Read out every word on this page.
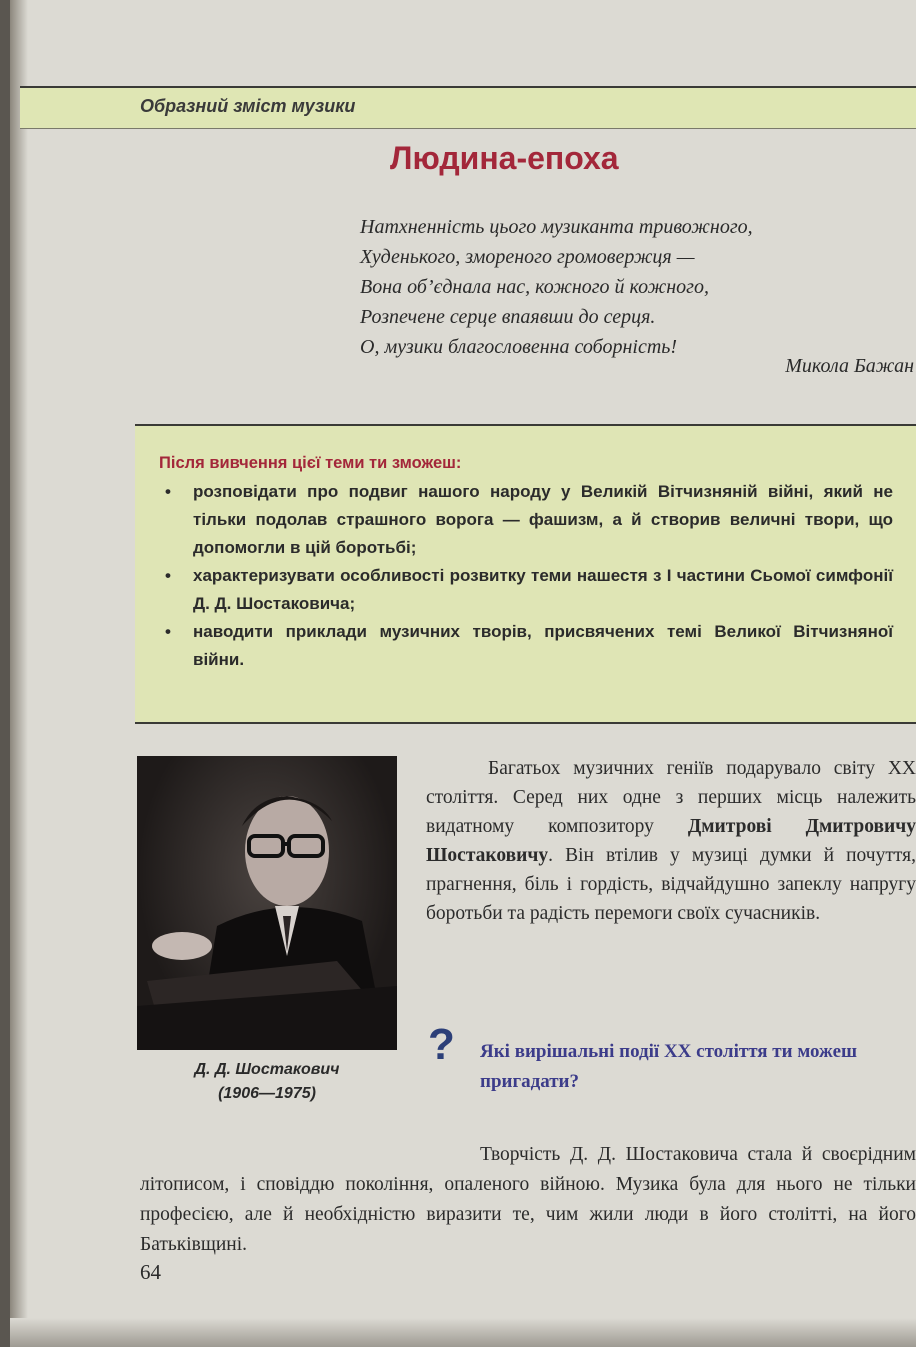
Образний зміст музики
Людина-епоха
Натхненність цього музиканта тривожного,
Худенького, змореного громовержця —
Вона об’єднала нас, кожного й кожного,
Розпечене серце впаявши до серця.
О, музики благословенна соборність!
Микола Бажан
Після вивчення цієї теми ти зможеш:
• розповідати про подвиг нашого народу у Великій Вітчизняній війні, який не тільки подолав страшного ворога — фашизм, а й створив величні твори, що допомогли в цій боротьбі;
• характеризувати особливості розвитку теми нашестя з І частини Сьомої симфонії Д. Д. Шостаковича;
• наводити приклади музичних творів, присвячених темі Великої Вітчизняної війни.
Д. Д. Шостакович
(1906—1975)
Багатьох музичних геніїв подарувало світу XX століття. Серед них одне з перших місць належить видатному композитору Дмитрові Дмитровичу Шостаковичу. Він втілив у музиці думки й почуття, прагнення, біль і гордість, відчайдушно запеклу напругу боротьби та радість перемоги своїх сучасників.
? Які вирішальні події XX століття ти можеш пригадати?
Творчість Д. Д. Шостаковича стала й своєрідним літописом, і сповіддю покоління, опаленого війною. Музика була для нього не тільки професією, але й необхідністю виразити те, чим жили люди в його столітті, на його Батьківщині.
64
